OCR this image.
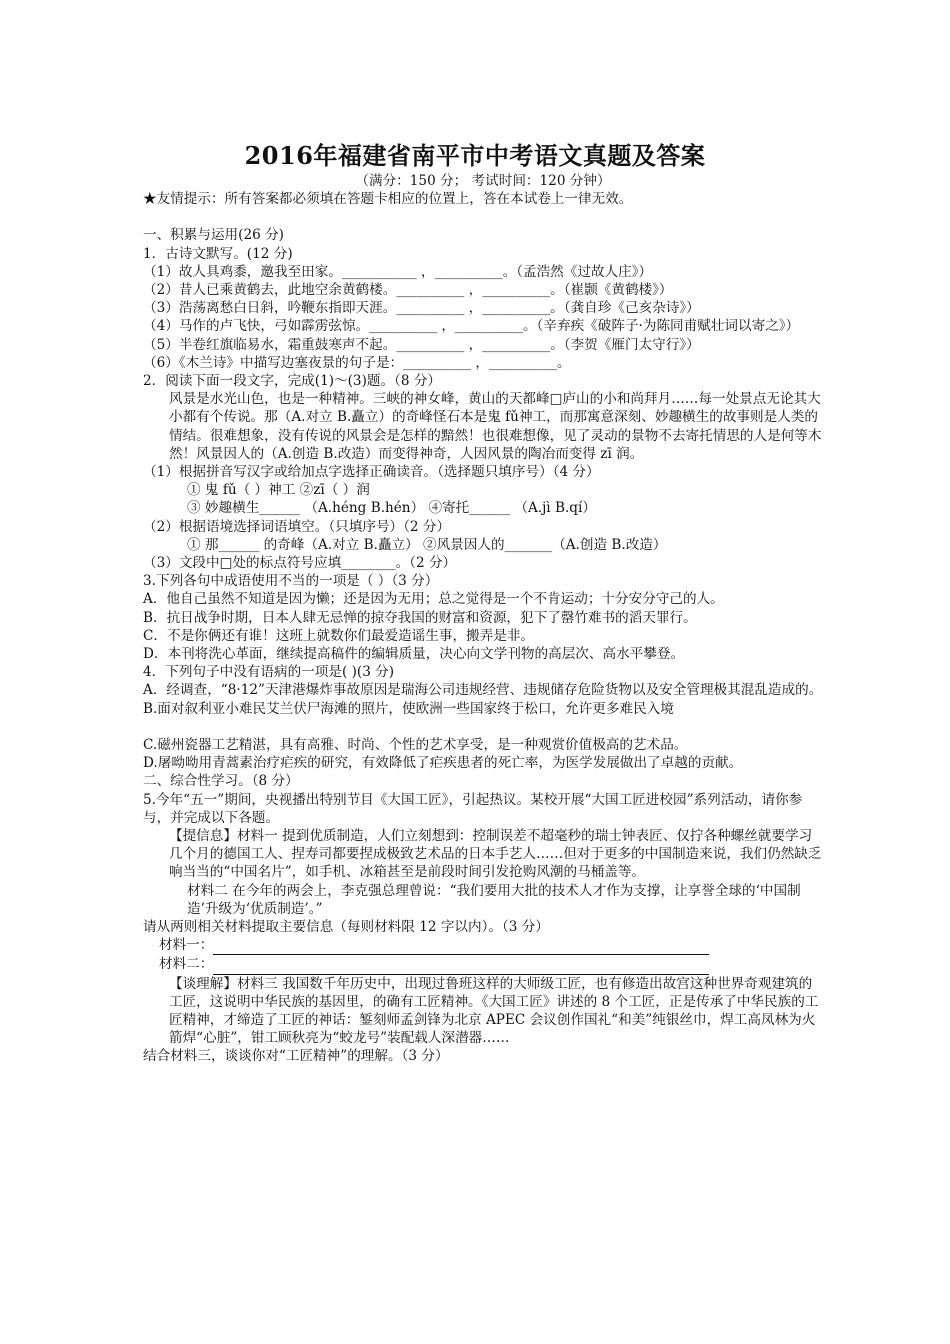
2016年福建省南平市中考语文真题及答案

（满分：150 分； 考试时间：120 分钟）

★友情提示：所有答案都必须填在答题卡相应的位置上，答在本试卷上一律无效。

一、积累与运用(26 分)

1．古诗文默写。(12 分)

（1）故人具鸡黍，邀我至田家。___________ ，__________。（孟浩然《过故人庄》）

（2）昔人已乘黄鹤去，此地空余黄鹤楼。__________ ，__________。（崔颢《黄鹤楼》）

（3）浩荡离愁白日斜，吟鞭东指即天涯。__________ ，__________。（龚自珍《己亥杂诗》）

（4）马作的卢飞快，弓如霹雳弦惊。__________ ，__________。（辛弃疾《破阵子·为陈同甫赋壮词以寄之》）

（5）半卷红旗临易水，霜重鼓寒声不起。__________ ，__________。（李贺《雁门太守行》）

（6）《木兰诗》中描写边塞夜景的句子是：__________ ，__________。

2．阅读下面一段文字，完成(1)～(3)题。（8 分）

风景是水光山色，也是一种精神。三峡的神女峰，黄山的天都峰□庐山的小和尚拜月……每一处景点无论其大小都有个传说。那（A.对立 B.矗立）的奇峰怪石本是鬼 fǔ神工，而那寓意深刻、妙趣横生的故事则是人类的情结。很难想象，没有传说的风景会是怎样的黯然！也很难想像，见了灵动的景物不去寄托情思的人是何等木然！风景因人的（A.创造 B.改造）而变得神奇，人因风景的陶冶而变得 zī 润。

（1）根据拼音写汉字或给加点字选择正确读音。（选择题只填序号）（4 分）

① 鬼 fǔ（ ）神工 ②zī（ ）润

③ 妙趣横生______ （A.héng B.hén） ④寄托______ （A.jì B.qí）

（2）根据语境选择词语填空。（只填序号）（2 分）

① 那______ 的奇峰（A.对立 B.矗立） ②风景因人的_______（A.创造 B.改造）

（3）文段中□处的标点符号应填________。（2 分）

3.下列各句中成语使用不当的一项是（ ）（3 分）

A．他自己虽然不知道是因为懒；还是因为无用；总之觉得是一个不肯运动；十分安分守己的人。

B．抗日战争时期，日本人肆无忌惮的掠夺我国的财富和资源，犯下了罄竹难书的滔天罪行。

C．不是你俩还有谁！这班上就数你们最爱造谣生事，搬弄是非。

D．本刊将洗心革面，继续提高稿件的编辑质量，决心向文学刊物的高层次、高水平攀登。

4．下列句子中没有语病的一项是( )(3 分)

A．经调查，“8·12”天津港爆炸事故原因是瑞海公司违规经营、违规储存危险货物以及安全管理极其混乱造成的。

B.面对叙利亚小难民艾兰伏尸海滩的照片，使欧洲一些国家终于松口，允许更多难民入境

C.磁州瓷器工艺精湛，具有高雅、时尚、个性的艺术享受，是一种观赏价值极高的艺术品。

D.屠呦呦用青蒿素治疗疟疾的研究，有效降低了疟疾患者的死亡率，为医学发展做出了卓越的贡献。

二、综合性学习。（8 分）

5.今年“五一”期间，央视播出特别节目《大国工匠》，引起热议。某校开展“大国工匠进校园”系列活动，请你参与，并完成以下各题。

【提信息】材料一 提到优质制造，人们立刻想到：控制误差不超毫秒的瑞士钟表匠、仅拧各种螺丝就要学习几个月的德国工人、捏寿司都要捏成极致艺术品的日本手艺人……但对于更多的中国制造来说，我们仍然缺乏响当当的“中国名片”，如手机、冰箱甚至是前段时间引发抢购风潮的马桶盖等。

材料二 在今年的两会上，李克强总理曾说：“我们要用大批的技术人才作为支撑，让享誉全球的‘中国制造’升级为‘优质制造’。”

请从两则相关材料提取主要信息（每则材料限 12 字以内）。（3 分）

材料一：

材料二：

【谈理解】材料三 我国数千年历史中，出现过鲁班这样的大师级工匠，也有修造出故宫这种世界奇观建筑的工匠，这说明中华民族的基因里，的确有工匠精神。《大国工匠》讲述的 8 个工匠，正是传承了中华民族的工匠精神，才缔造了工匠的神话：錾刻师孟剑锋为北京 APEC 会议创作国礼“和美”纯银丝巾，焊工高凤林为火箭焊“心脏”，钳工顾秋亮为“蛟龙号”装配载人深潜器……

结合材料三，谈谈你对“工匠精神”的理解。（3 分）
